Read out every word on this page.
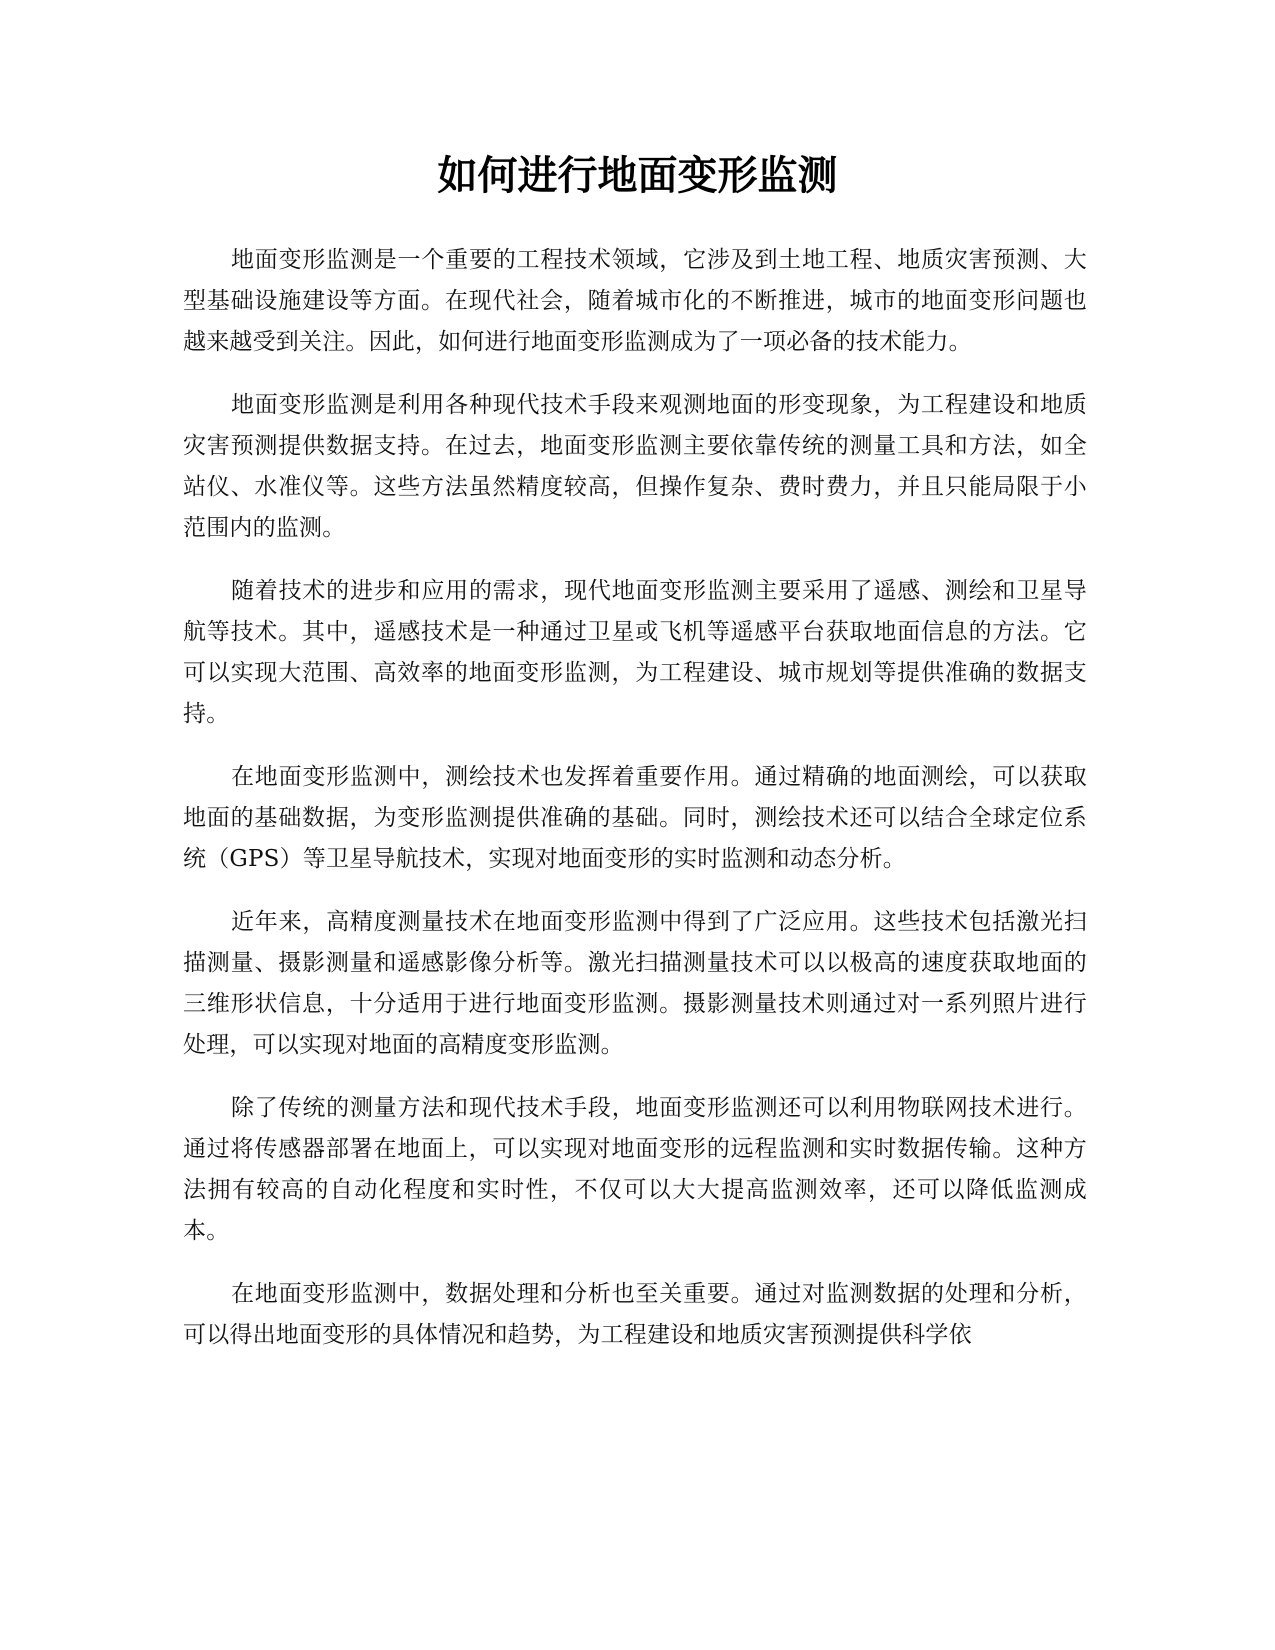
如何进行地面变形监测

地面变形监测是一个重要的工程技术领域，它涉及到土地工程、地质灾害预测、大型基础设施建设等方面。在现代社会，随着城市化的不断推进，城市的地面变形问题也越来越受到关注。因此，如何进行地面变形监测成为了一项必备的技术能力。

地面变形监测是利用各种现代技术手段来观测地面的形变现象，为工程建设和地质灾害预测提供数据支持。在过去，地面变形监测主要依靠传统的测量工具和方法，如全站仪、水准仪等。这些方法虽然精度较高，但操作复杂、费时费力，并且只能局限于小范围内的监测。

随着技术的进步和应用的需求，现代地面变形监测主要采用了遥感、测绘和卫星导航等技术。其中，遥感技术是一种通过卫星或飞机等遥感平台获取地面信息的方法。它可以实现大范围、高效率的地面变形监测，为工程建设、城市规划等提供准确的数据支持。

在地面变形监测中，测绘技术也发挥着重要作用。通过精确的地面测绘，可以获取地面的基础数据，为变形监测提供准确的基础。同时，测绘技术还可以结合全球定位系统（GPS）等卫星导航技术，实现对地面变形的实时监测和动态分析。

近年来，高精度测量技术在地面变形监测中得到了广泛应用。这些技术包括激光扫描测量、摄影测量和遥感影像分析等。激光扫描测量技术可以以极高的速度获取地面的三维形状信息，十分适用于进行地面变形监测。摄影测量技术则通过对一系列照片进行处理，可以实现对地面的高精度变形监测。

除了传统的测量方法和现代技术手段，地面变形监测还可以利用物联网技术进行。通过将传感器部署在地面上，可以实现对地面变形的远程监测和实时数据传输。这种方法拥有较高的自动化程度和实时性，不仅可以大大提高监测效率，还可以降低监测成本。

在地面变形监测中，数据处理和分析也至关重要。通过对监测数据的处理和分析，可以得出地面变形的具体情况和趋势，为工程建设和地质灾害预测提供科学依
